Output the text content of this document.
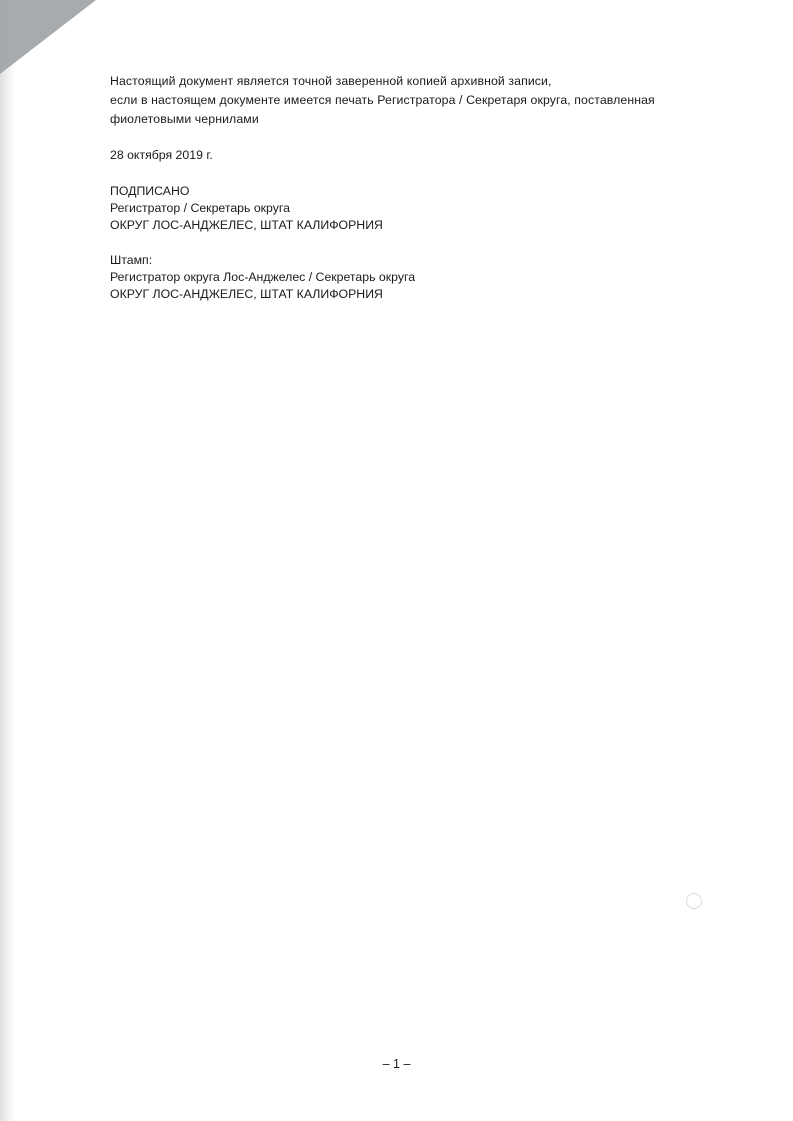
Настоящий документ является точной заверенной копией архивной записи,
если в настоящем документе имеется печать Регистратора / Секретаря округа, поставленная
фиолетовыми чернилами
28 октября 2019 г.
ПОДПИСАНО
Регистратор / Секретарь округа
ОКРУГ ЛОС-АНДЖЕЛЕС, ШТАТ КАЛИФОРНИЯ
Штамп:
Регистратор округа Лос-Анджелес / Секретарь округа
ОКРУГ ЛОС-АНДЖЕЛЕС, ШТАТ КАЛИФОРНИЯ
– 1 –
